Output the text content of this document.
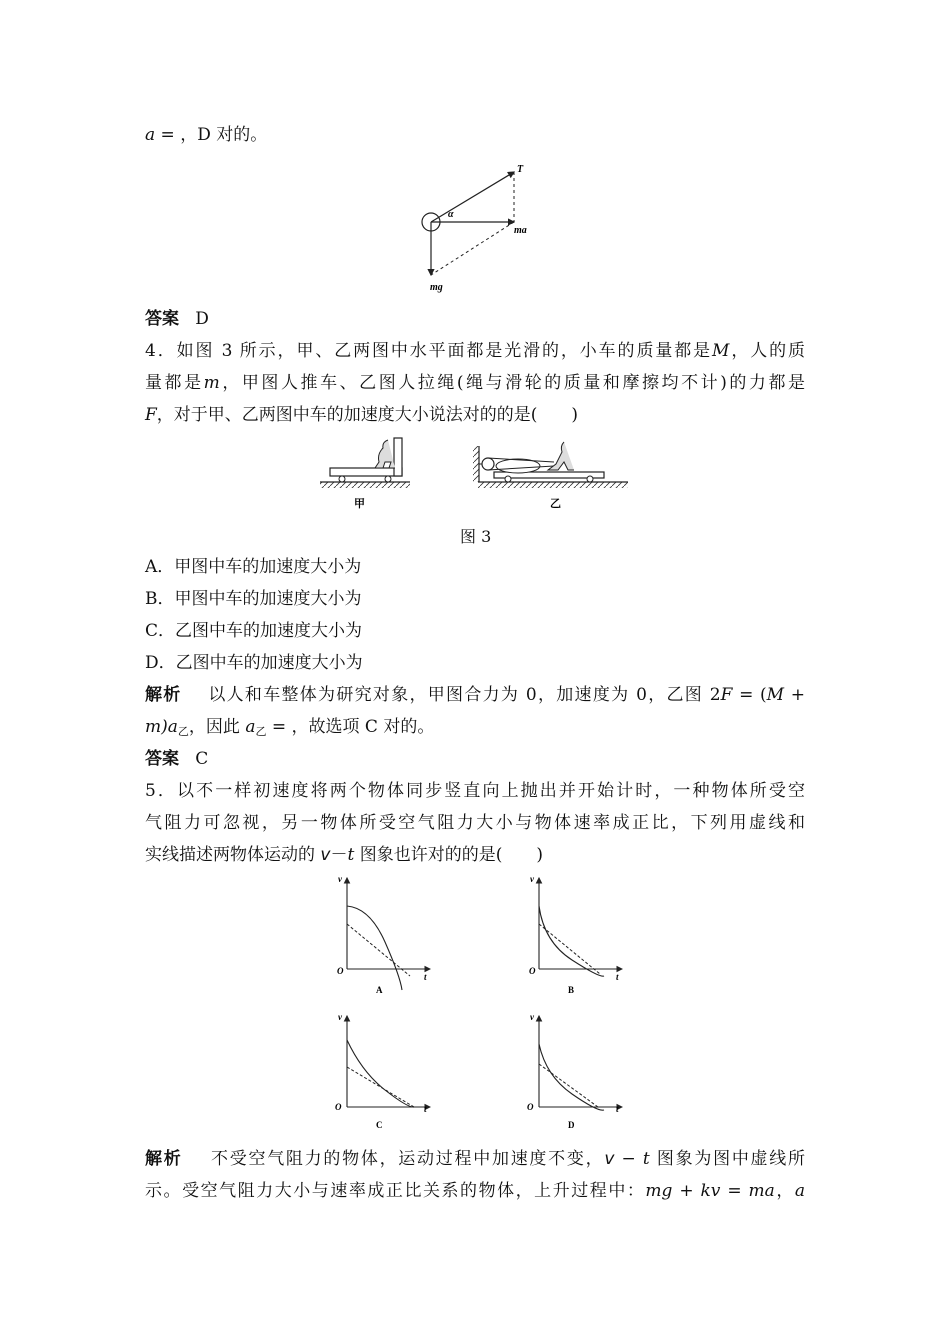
a = ，D 对的。
T
α
ma
mg
答案 D
4．如图 3 所示，甲、乙两图中水平面都是光滑的，小车的质量都是M，人的质
量都是m，甲图人推车、乙图人拉绳(绳与滑轮的质量和摩擦均不计)的力都是
F，对于甲、乙两图中车的加速度大小说法对的的是(　　)
甲	乙
图 3
A．甲图中车的加速度大小为
B．甲图中车的加速度大小为
C．乙图中车的加速度大小为
D．乙图中车的加速度大小为
解析 以人和车整体为研究对象，甲图合力为 0，加速度为 0，乙图 2F = (M +
$m)a_乙$，因此 $a_乙$ = ，故选项 C 对的。
答案 C
5．以不一样初速度将两个物体同步竖直向上抛出并开始计时，一种物体所受空
气阻力可忽视，另一物体所受空气阻力大小与物体速率成正比，下列用虚线和
实线描述两物体运动的 v－t 图象也许对的的是(　　)
v
t
O
A
v
t
O
B
v
t
O
C
v
t
O
D
解析 不受空气阻力的物体，运动过程中加速度不变，v − t 图象为图中虚线所
示。受空气阻力大小与速率成正比关系的物体，上升过程中：mg + kv = ma，a
